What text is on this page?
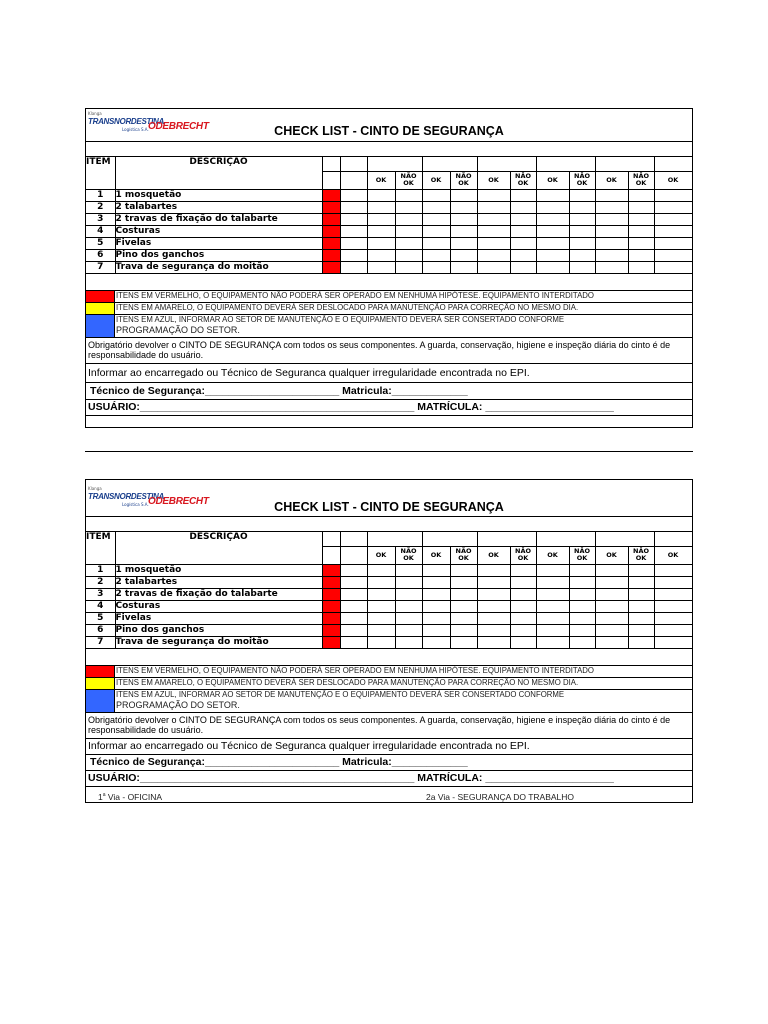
Klanga
TRANSNORDESTINA
Logística S.A. ODEBRECHT	CHECK LIST - CINTO DE SEGURANÇA
ITEM	DESCRIÇÃO														
				OK	NÃO OK	OK	NÃO OK	OK	NÃO OK	OK	NÃO OK	OK	NÃO OK	OK	
1	1 mosquetão														
2	2 talabartes														
3	2 travas de fixação do talabarte														
4	Costuras														
5	Fivelas														
6	Pino dos ganchos														
7	Trava de segurança do moitão														
ITENS EM VERMELHO, O EQUIPAMENTO NÃO PODERÁ SER OPERADO EM NENHUMA HIPÓTESE. EQUIPAMENTO INTERDITADO
ITENS EM AMARELO, O EQUIPAMENTO DEVERÁ SER DESLOCADO PARA MANUTENÇÃO PARA CORREÇÃO NO MESMO DIA.
ITENS EM AZUL, INFORMAR AO SETOR DE MANUTENÇÃO E O EQUIPAMENTO DEVERÁ SER CONSERTADO CONFORME
PROGRAMAÇÃO DO SETOR.
Obrigatório devolver o CINTO DE SEGURANÇA com todos os seus componentes. A guarda, conservação, higiene e inspeção diária do cinto é de responsabilidade do usuário.
Informar ao encarregado ou Técnico de Seguranca qualquer irregularidade encontrada no EPI.
Técnico de Segurança:_______________________ Matricula:_____________
USUÁRIO:_______________________________________________ MATRÍCULA: ______________________
Klanga
TRANSNORDESTINA
Logística S.A. ODEBRECHT	CHECK LIST - CINTO DE SEGURANÇA
ITEM	DESCRIÇÃO														
				OK	NÃO OK	OK	NÃO OK	OK	NÃO OK	OK	NÃO OK	OK	NÃO OK	OK	
1	1 mosquetão														
2	2 talabartes														
3	2 travas de fixação do talabarte														
4	Costuras														
5	Fivelas														
6	Pino dos ganchos														
7	Trava de segurança do moitão														
ITENS EM VERMELHO, O EQUIPAMENTO NÃO PODERÁ SER OPERADO EM NENHUMA HIPÓTESE. EQUIPAMENTO INTERDITADO
ITENS EM AMARELO, O EQUIPAMENTO DEVERÁ SER DESLOCADO PARA MANUTENÇÃO PARA CORREÇÃO NO MESMO DIA.
ITENS EM AZUL, INFORMAR AO SETOR DE MANUTENÇÃO E O EQUIPAMENTO DEVERÁ SER CONSERTADO CONFORME
PROGRAMAÇÃO DO SETOR.
Obrigatório devolver o CINTO DE SEGURANÇA com todos os seus componentes. A guarda, conservação, higiene e inspeção diária do cinto é de responsabilidade do usuário.
Informar ao encarregado ou Técnico de Seguranca qualquer irregularidade encontrada no EPI.
Técnico de Segurança:_______________________ Matricula:_____________
USUÁRIO:_______________________________________________ MATRÍCULA: ______________________
1$^a$ Via - OFICINA	2a Via - SEGURANÇA DO TRABALHO
